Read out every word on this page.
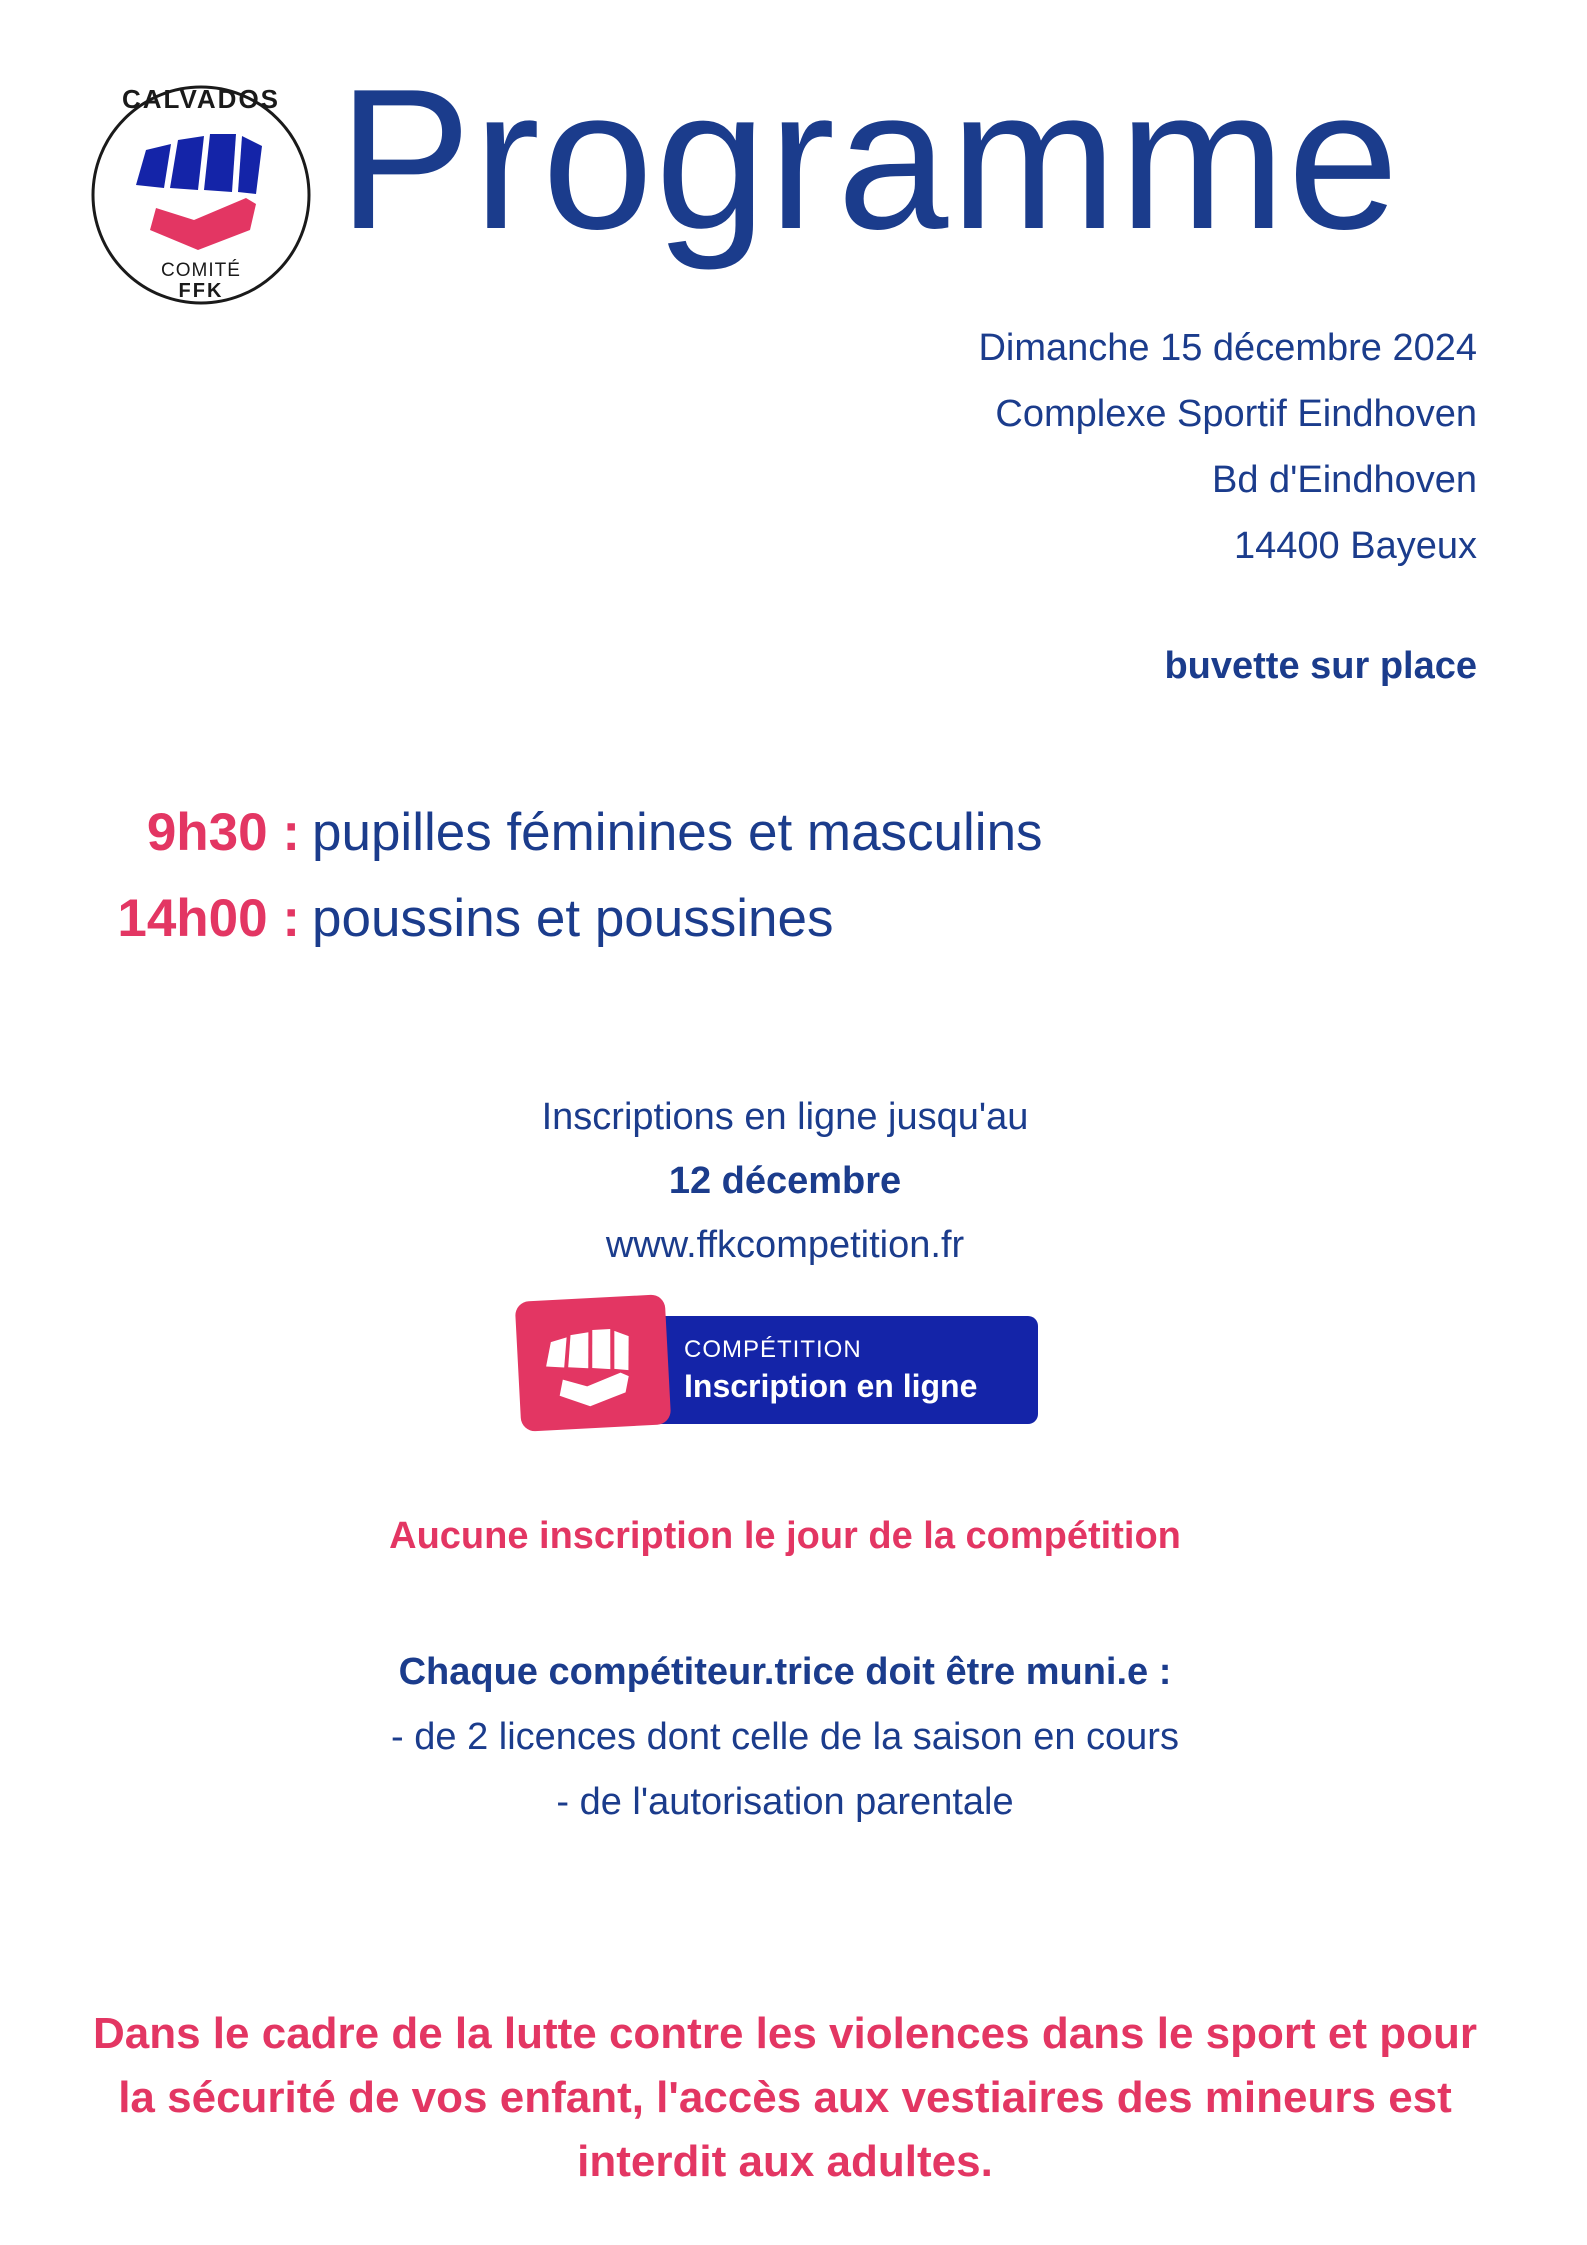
CALVADOS
COMITÉ
FFK
Programme
Dimanche 15 décembre 2024
Complexe Sportif Eindhoven
Bd d'Eindhoven
14400 Bayeux
buvette sur place
9h30 : pupilles féminines et masculins
14h00 : poussins et poussines
Inscriptions en ligne jusqu'au
12 décembre
www.ffkcompetition.fr
COMPÉTITION
Inscription en ligne
Aucune inscription le jour de la compétition
Chaque compétiteur.trice doit être muni.e :
- de 2 licences dont celle de la saison en cours
- de l'autorisation parentale
Dans le cadre de la lutte contre les violences dans le sport et pour
la sécurité de vos enfant, l'accès aux vestiaires des mineurs est
interdit aux adultes.
